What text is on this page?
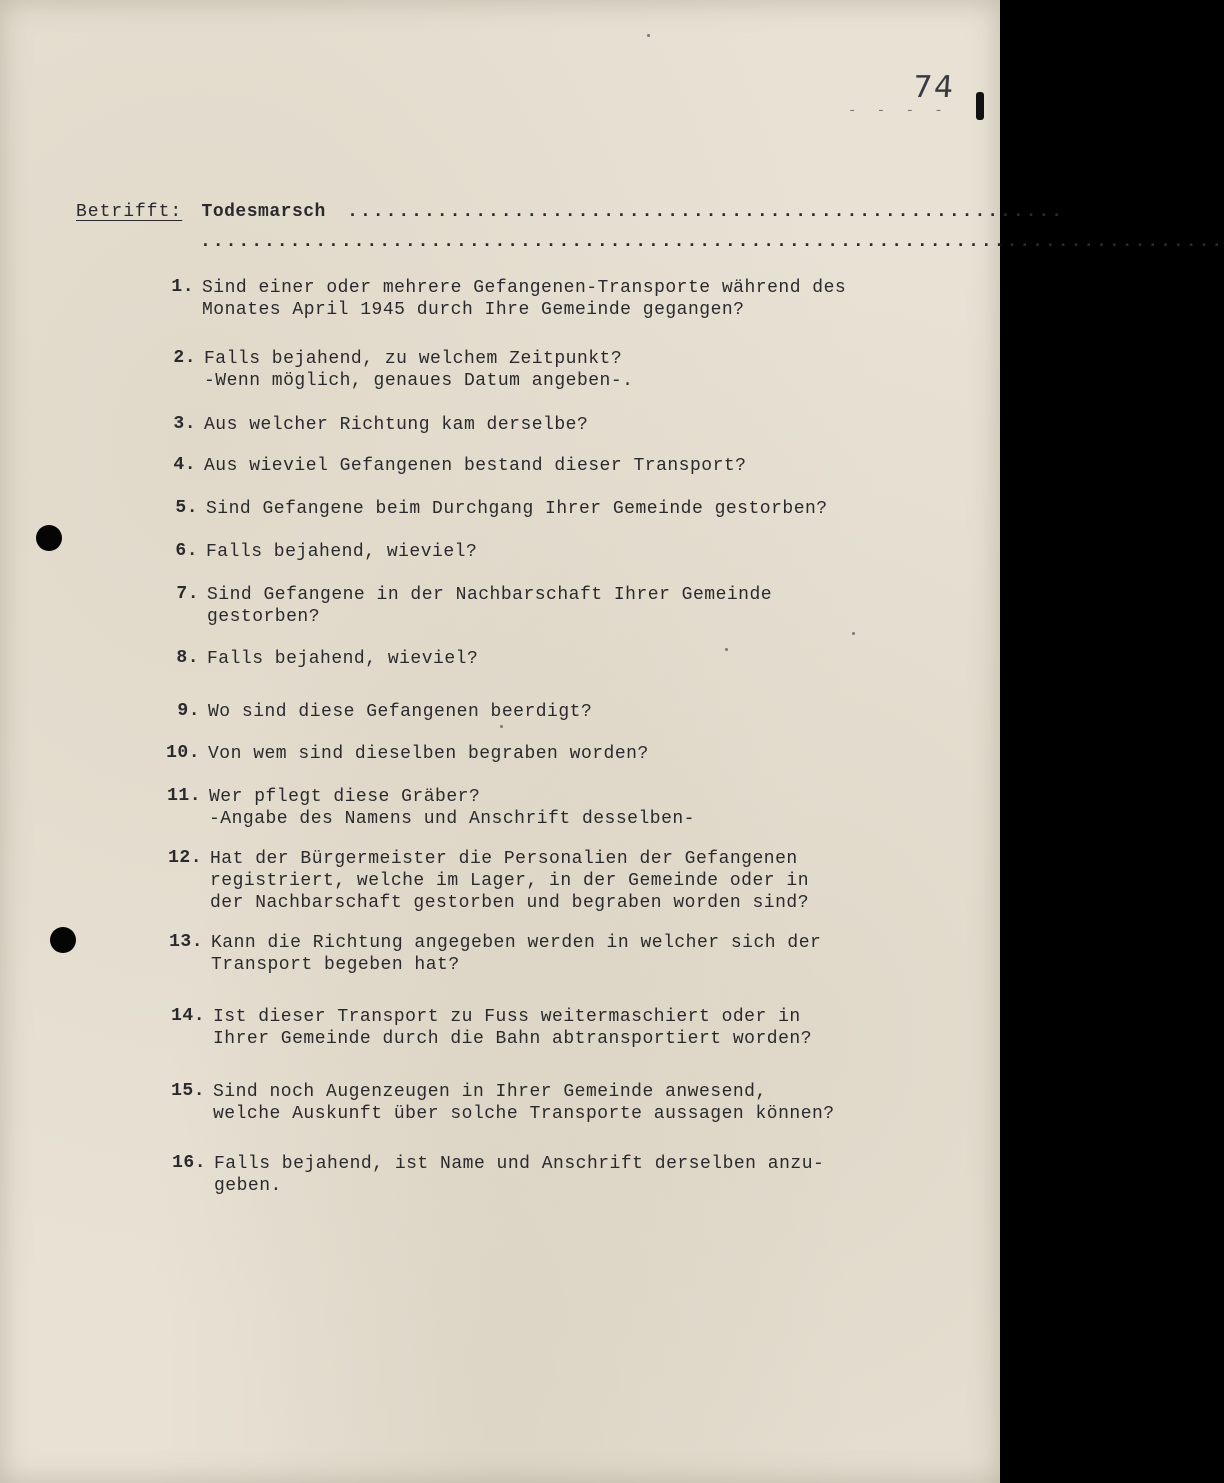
74
- - - -
Betrifft: Todesmarsch ........................................................
................................................................................
1. Sind einer oder mehrere Gefangenen-Transporte während des
Monates April 1945 durch Ihre Gemeinde gegangen?
2. Falls bejahend, zu welchem Zeitpunkt?
-Wenn möglich, genaues Datum angeben-.
3. Aus welcher Richtung kam derselbe?
4. Aus wieviel Gefangenen bestand dieser Transport?
5. Sind Gefangene beim Durchgang Ihrer Gemeinde gestorben?
6. Falls bejahend, wieviel?
7. Sind Gefangene in der Nachbarschaft Ihrer Gemeinde
gestorben?
8. Falls bejahend, wieviel?
9. Wo sind diese Gefangenen beerdigt?
10. Von wem sind dieselben begraben worden?
11. Wer pflegt diese Gräber?
-Angabe des Namens und Anschrift desselben-
12. Hat der Bürgermeister die Personalien der Gefangenen
registriert, welche im Lager, in der Gemeinde oder in
der Nachbarschaft gestorben und begraben worden sind?
13. Kann die Richtung angegeben werden in welcher sich der
Transport begeben hat?
14. Ist dieser Transport zu Fuss weitermaschiert oder in
Ihrer Gemeinde durch die Bahn abtransportiert worden?
15. Sind noch Augenzeugen in Ihrer Gemeinde anwesend,
welche Auskunft über solche Transporte aussagen können?
16. Falls bejahend, ist Name und Anschrift derselben anzu-
geben.
